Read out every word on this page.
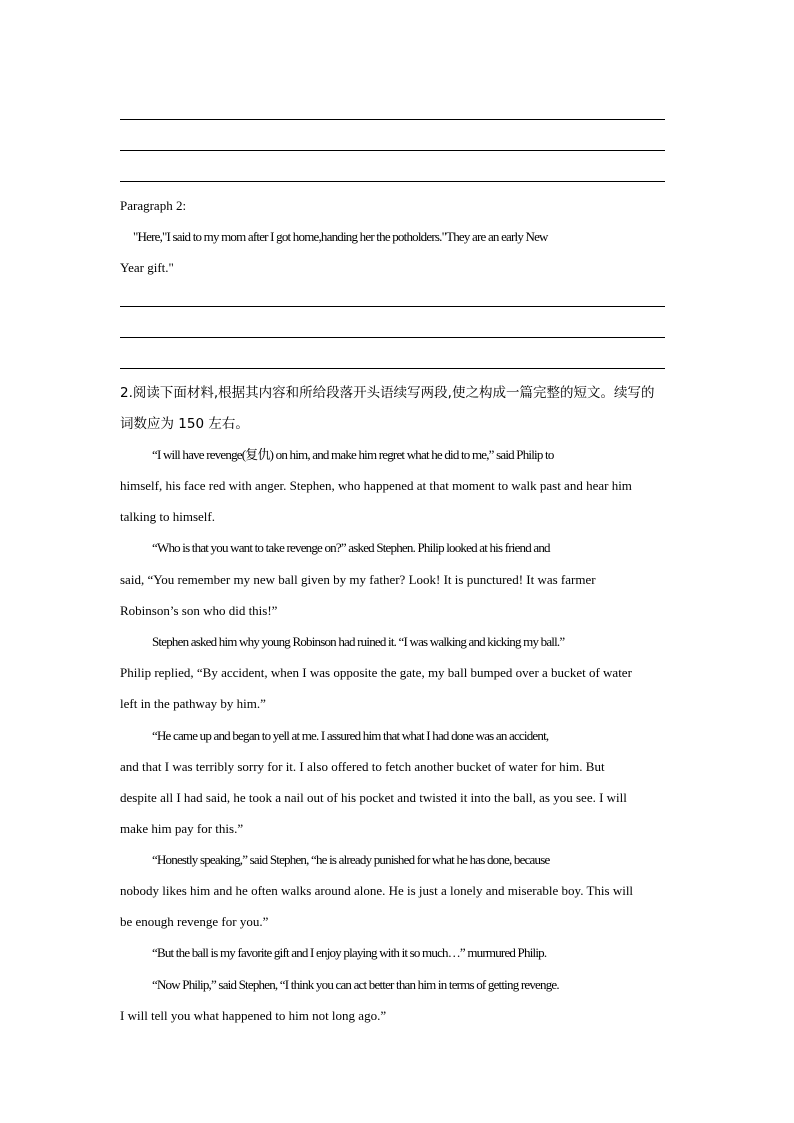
Paragraph 2:
"Here,"I said to my mom after I got home,handing her the potholders."They are an early New
Year gift."
2.阅读下面材料,根据其内容和所给段落开头语续写两段,使之构成一篇完整的短文。续写的
词数应为 150 左右。
“I will have revenge(复仇) on him, and make him regret what he did to me,” said Philip to
himself, his face red with anger. Stephen, who happened at that moment to walk past and hear him
talking to himself.
“Who is that you want to take revenge on?” asked Stephen. Philip looked at his friend and
said, “You remember my new ball given by my father? Look! It is punctured! It was farmer
Robinson’s son who did this!”
Stephen asked him why young Robinson had ruined it. “I was walking and kicking my ball.”
Philip replied, “By accident, when I was opposite the gate, my ball bumped over a bucket of water
left in the pathway by him.”
“He came up and began to yell at me. I assured him that what I had done was an accident,
and that I was terribly sorry for it. I also offered to fetch another bucket of water for him. But
despite all I had said, he took a nail out of his pocket and twisted it into the ball, as you see. I will
make him pay for this.”
“Honestly speaking,” said Stephen, “he is already punished for what he has done, because
nobody likes him and he often walks around alone. He is just a lonely and miserable boy. This will
be enough revenge for you.”
“But the ball is my favorite gift and I enjoy playing with it so much…” murmured Philip.
“Now Philip,” said Stephen, “I think you can act better than him in terms of getting revenge.
I will tell you what happened to him not long ago.”
